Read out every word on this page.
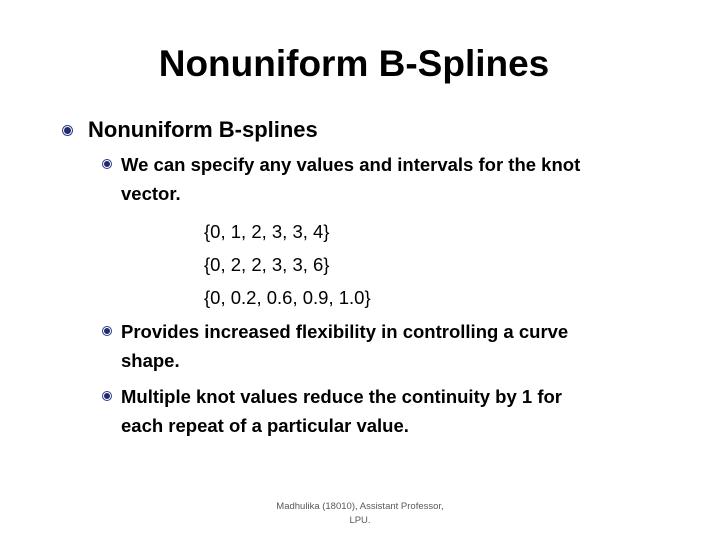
Nonuniform B-Splines
Nonuniform B-splines
We can specify any values and intervals for the knot
vector.
{0, 1, 2, 3, 3, 4}
{0, 2, 2, 3, 3, 6}
{0, 0.2, 0.6, 0.9, 1.0}
Provides increased flexibility in controlling a curve
shape.
Multiple knot values reduce the continuity by 1 for
each repeat of a particular value.
Madhulika (18010), Assistant Professor,
LPU.
